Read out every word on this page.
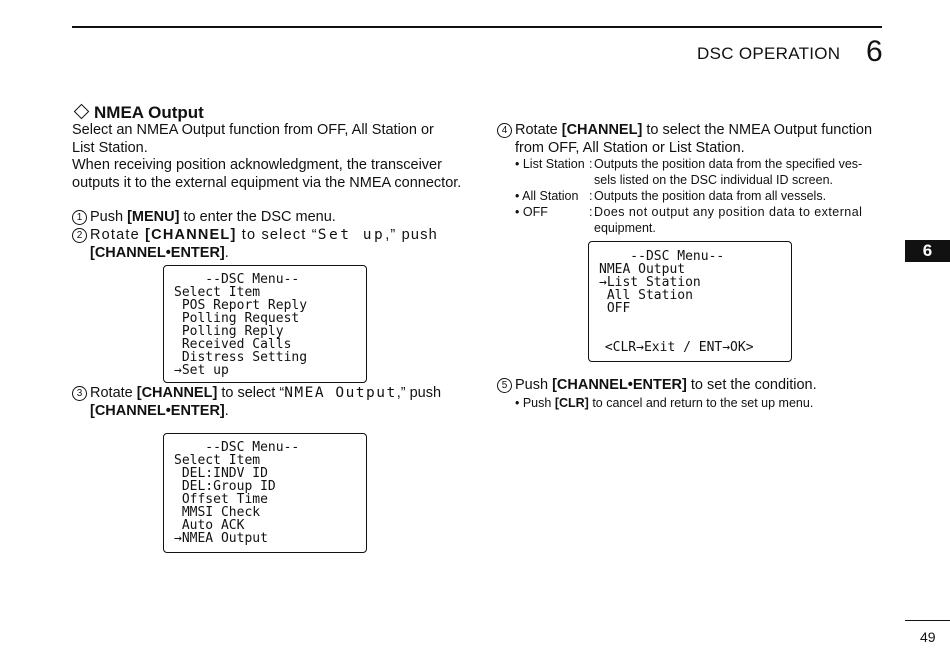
DSC OPERATION 6
6
NMEA Output
Select an NMEA Output function from OFF, All Station or
List Station.
When receiving position acknowledgment, the transceiver
outputs it to the external equipment via the NMEA connector.
1 Push [MENU] to enter the DSC menu.
2 Rotate [CHANNEL] to select “Set up,” push
[CHANNEL•ENTER].
--DSC Menu--
Select Item
POS Report Reply
Polling Request
Polling Reply
Received Calls
Distress Setting
→Set up
3 Rotate [CHANNEL] to select “NMEA Output,” push
[CHANNEL•ENTER].
--DSC Menu--
Select Item
DEL:INDV ID
DEL:Group ID
Offset Time
MMSI Check
Auto ACK
→NMEA Output
4 Rotate [CHANNEL] to select the NMEA Output function
from OFF, All Station or List Station.
• List Station : Outputs the position data from the specified ves-
sels listed on the DSC individual ID screen.
• All Station : Outputs the position data from all vessels.
• OFF	: Does not output any position data to external
equipment.
--DSC Menu--
NMEA Output
→List Station
All Station
OFF
<CLR→Exit / ENT→OK>
5 Push [CHANNEL•ENTER] to set the condition.
• Push [CLR] to cancel and return to the set up menu.
49
